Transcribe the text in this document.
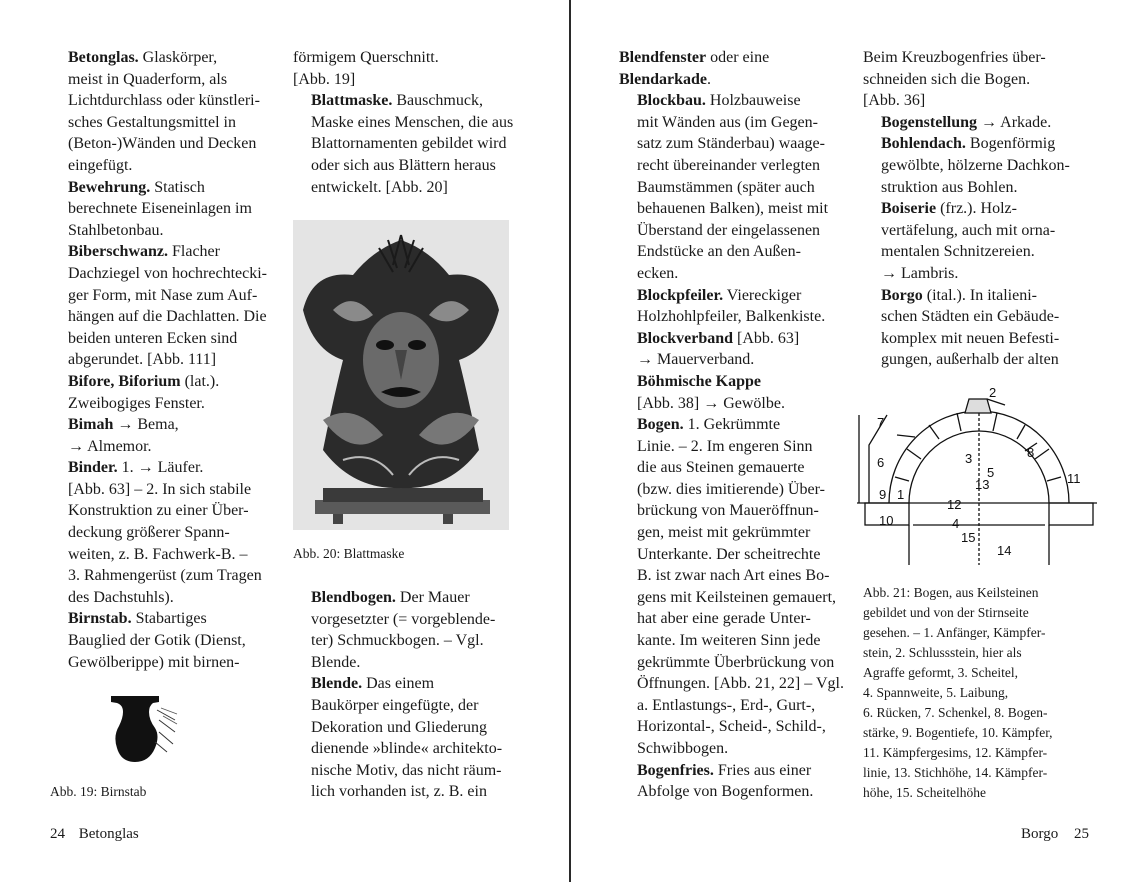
Betonglas. Glaskörper,
meist in Quaderform, als
Lichtdurchlass oder künstleri-
sches Gestaltungsmittel in
(Beton-)Wänden und Decken
eingefügt.
Bewehrung. Statisch
berechnete Eiseneinlagen im
Stahlbetonbau.
Biberschwanz. Flacher
Dachziegel von hochrechtecki-
ger Form, mit Nase zum Auf-
hängen auf die Dachlatten. Die
beiden unteren Ecken sind
abgerundet. [Abb. 111]
Bifore, Biforium (lat.).
Zweibogiges Fenster.
Bimah → Bema,
→ Almemor.
Binder. 1. → Läufer.
[Abb. 63] – 2. In sich stabile
Konstruktion zu einer Über-
deckung größerer Spann-
weiten, z. B. Fachwerk-B. –
3. Rahmengerüst (zum Tragen
des Dachstuhls).
Birnstab. Stabartiges
Bauglied der Gotik (Dienst,
Gewölberippe) mit birnen-
förmigem Querschnitt.
[Abb. 19]
Blattmaske. Bauschmuck,
Maske eines Menschen, die aus
Blattornamenten gebildet wird
oder sich aus Blättern heraus
entwickelt. [Abb. 20]
Abb. 19: Birnstab
Abb. 20: Blattmaske
Blendbogen. Der Mauer
vorgesetzter (= vorgeblende-
ter) Schmuckbogen. – Vgl.
Blende.
Blende. Das einem
Baukörper eingefügte, der
Dekoration und Gliederung
dienende »blinde« architekto-
nische Motiv, das nicht räum-
lich vorhanden ist, z. B. ein
24 Betonglas
Blendfenster oder eine
Blendarkade.
Blockbau. Holzbauweise
mit Wänden aus (im Gegen-
satz zum Ständerbau) waage-
recht übereinander verlegten
Baumstämmen (später auch
behauenen Balken), meist mit
Überstand der eingelassenen
Endstücke an den Außen-
ecken.
Blockpfeiler. Viereckiger
Holzhohlpfeiler, Balkenkiste.
Blockverband [Abb. 63]
→ Mauerverband.
Böhmische Kappe
[Abb. 38] → Gewölbe.
Bogen. 1. Gekrümmte
Linie. – 2. Im engeren Sinn
die aus Steinen gemauerte
(bzw. dies imitierende) Über-
brückung von Maueröffnun-
gen, meist mit gekrümmter
Unterkante. Der scheitrechte
B. ist zwar nach Art eines Bo-
gens mit Keilsteinen gemauert,
hat aber eine gerade Unter-
kante. Im weiteren Sinn jede
gekrümmte Überbrückung von
Öffnungen. [Abb. 21, 22] – Vgl.
a. Entlastungs-, Erd-, Gurt-,
Horizontal-, Scheid-, Schild-,
Schwibbogen.
Bogenfries. Fries aus einer
Abfolge von Bogenformen.
Beim Kreuzbogenfries über-
schneiden sich die Bogen.
[Abb. 36]
Bogenstellung → Arkade.
Bohlendach. Bogenförmig
gewölbte, hölzerne Dachkon-
struktion aus Bohlen.
Boiserie (frz.). Holz-
vertäfelung, auch mit orna-
mentalen Schnitzereien.
→ Lambris.
Borgo (ital.). In italieni-
schen Städten ein Gebäude-
komplex mit neuen Befesti-
gungen, außerhalb der alten
1
2
3
4
5
6
7
8
9
10
11
12
13
14
15
Abb. 21: Bogen, aus Keilsteinen
gebildet und von der Stirnseite
gesehen. – 1. Anfänger, Kämpfer-
stein, 2. Schlussstein, hier als
Agraffe geformt, 3. Scheitel,
4. Spannweite, 5. Laibung,
6. Rücken, 7. Schenkel, 8. Bogen-
stärke, 9. Bogentiefe, 10. Kämpfer,
11. Kämpfergesims, 12. Kämpfer-
linie, 13. Stichhöhe, 14. Kämpfer-
höhe, 15. Scheitelhöhe
Borgo 25
